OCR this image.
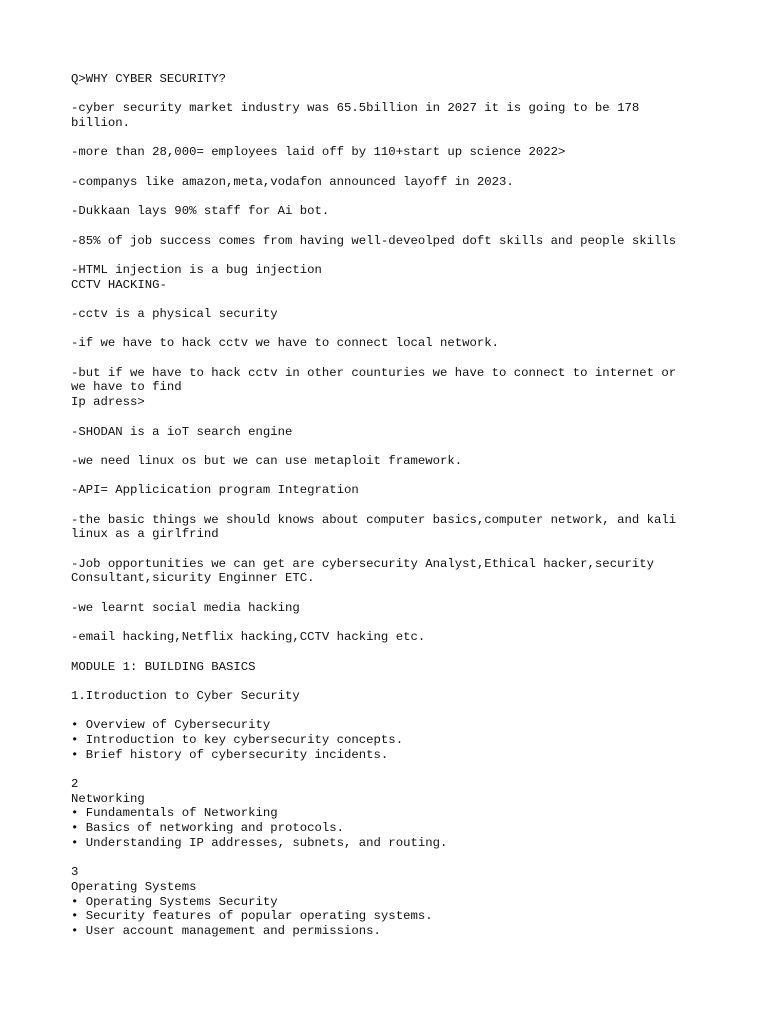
Q>WHY CYBER SECURITY?
-cyber security market industry was 65.5billion in 2027 it is going to be 178
billion.
-more than 28,000= employees laid off by 110+start up science 2022>
-companys like amazon,meta,vodafon announced layoff in 2023.
-Dukkaan lays 90% staff for Ai bot.
-85% of job success comes from having well-deveolped doft skills and people skills
-HTML injection is a bug injection
CCTV HACKING-
-cctv is a physical security
-if we have to hack cctv we have to connect local network.
-but if we have to hack cctv in other counturies we have to connect to internet or
we have to find
Ip adress>
-SHODAN is a ioT search engine
-we need linux os but we can use metaploit framework.
-API= Applicication program Integration
-the basic things we should knows about computer basics,computer network, and kali
linux as a girlfrind
-Job opportunities we can get are cybersecurity Analyst,Ethical hacker,security
Consultant,sicurity Enginner ETC.
-we learnt social media hacking
-email hacking,Netflix hacking,CCTV hacking etc.
MODULE 1: BUILDING BASICS
1.Itroduction to Cyber Security
• Overview of Cybersecurity
• Introduction to key cybersecurity concepts.
• Brief history of cybersecurity incidents.
2
Networking
• Fundamentals of Networking
• Basics of networking and protocols.
• Understanding IP addresses, subnets, and routing.
3
Operating Systems
• Operating Systems Security
• Security features of popular operating systems.
• User account management and permissions.
